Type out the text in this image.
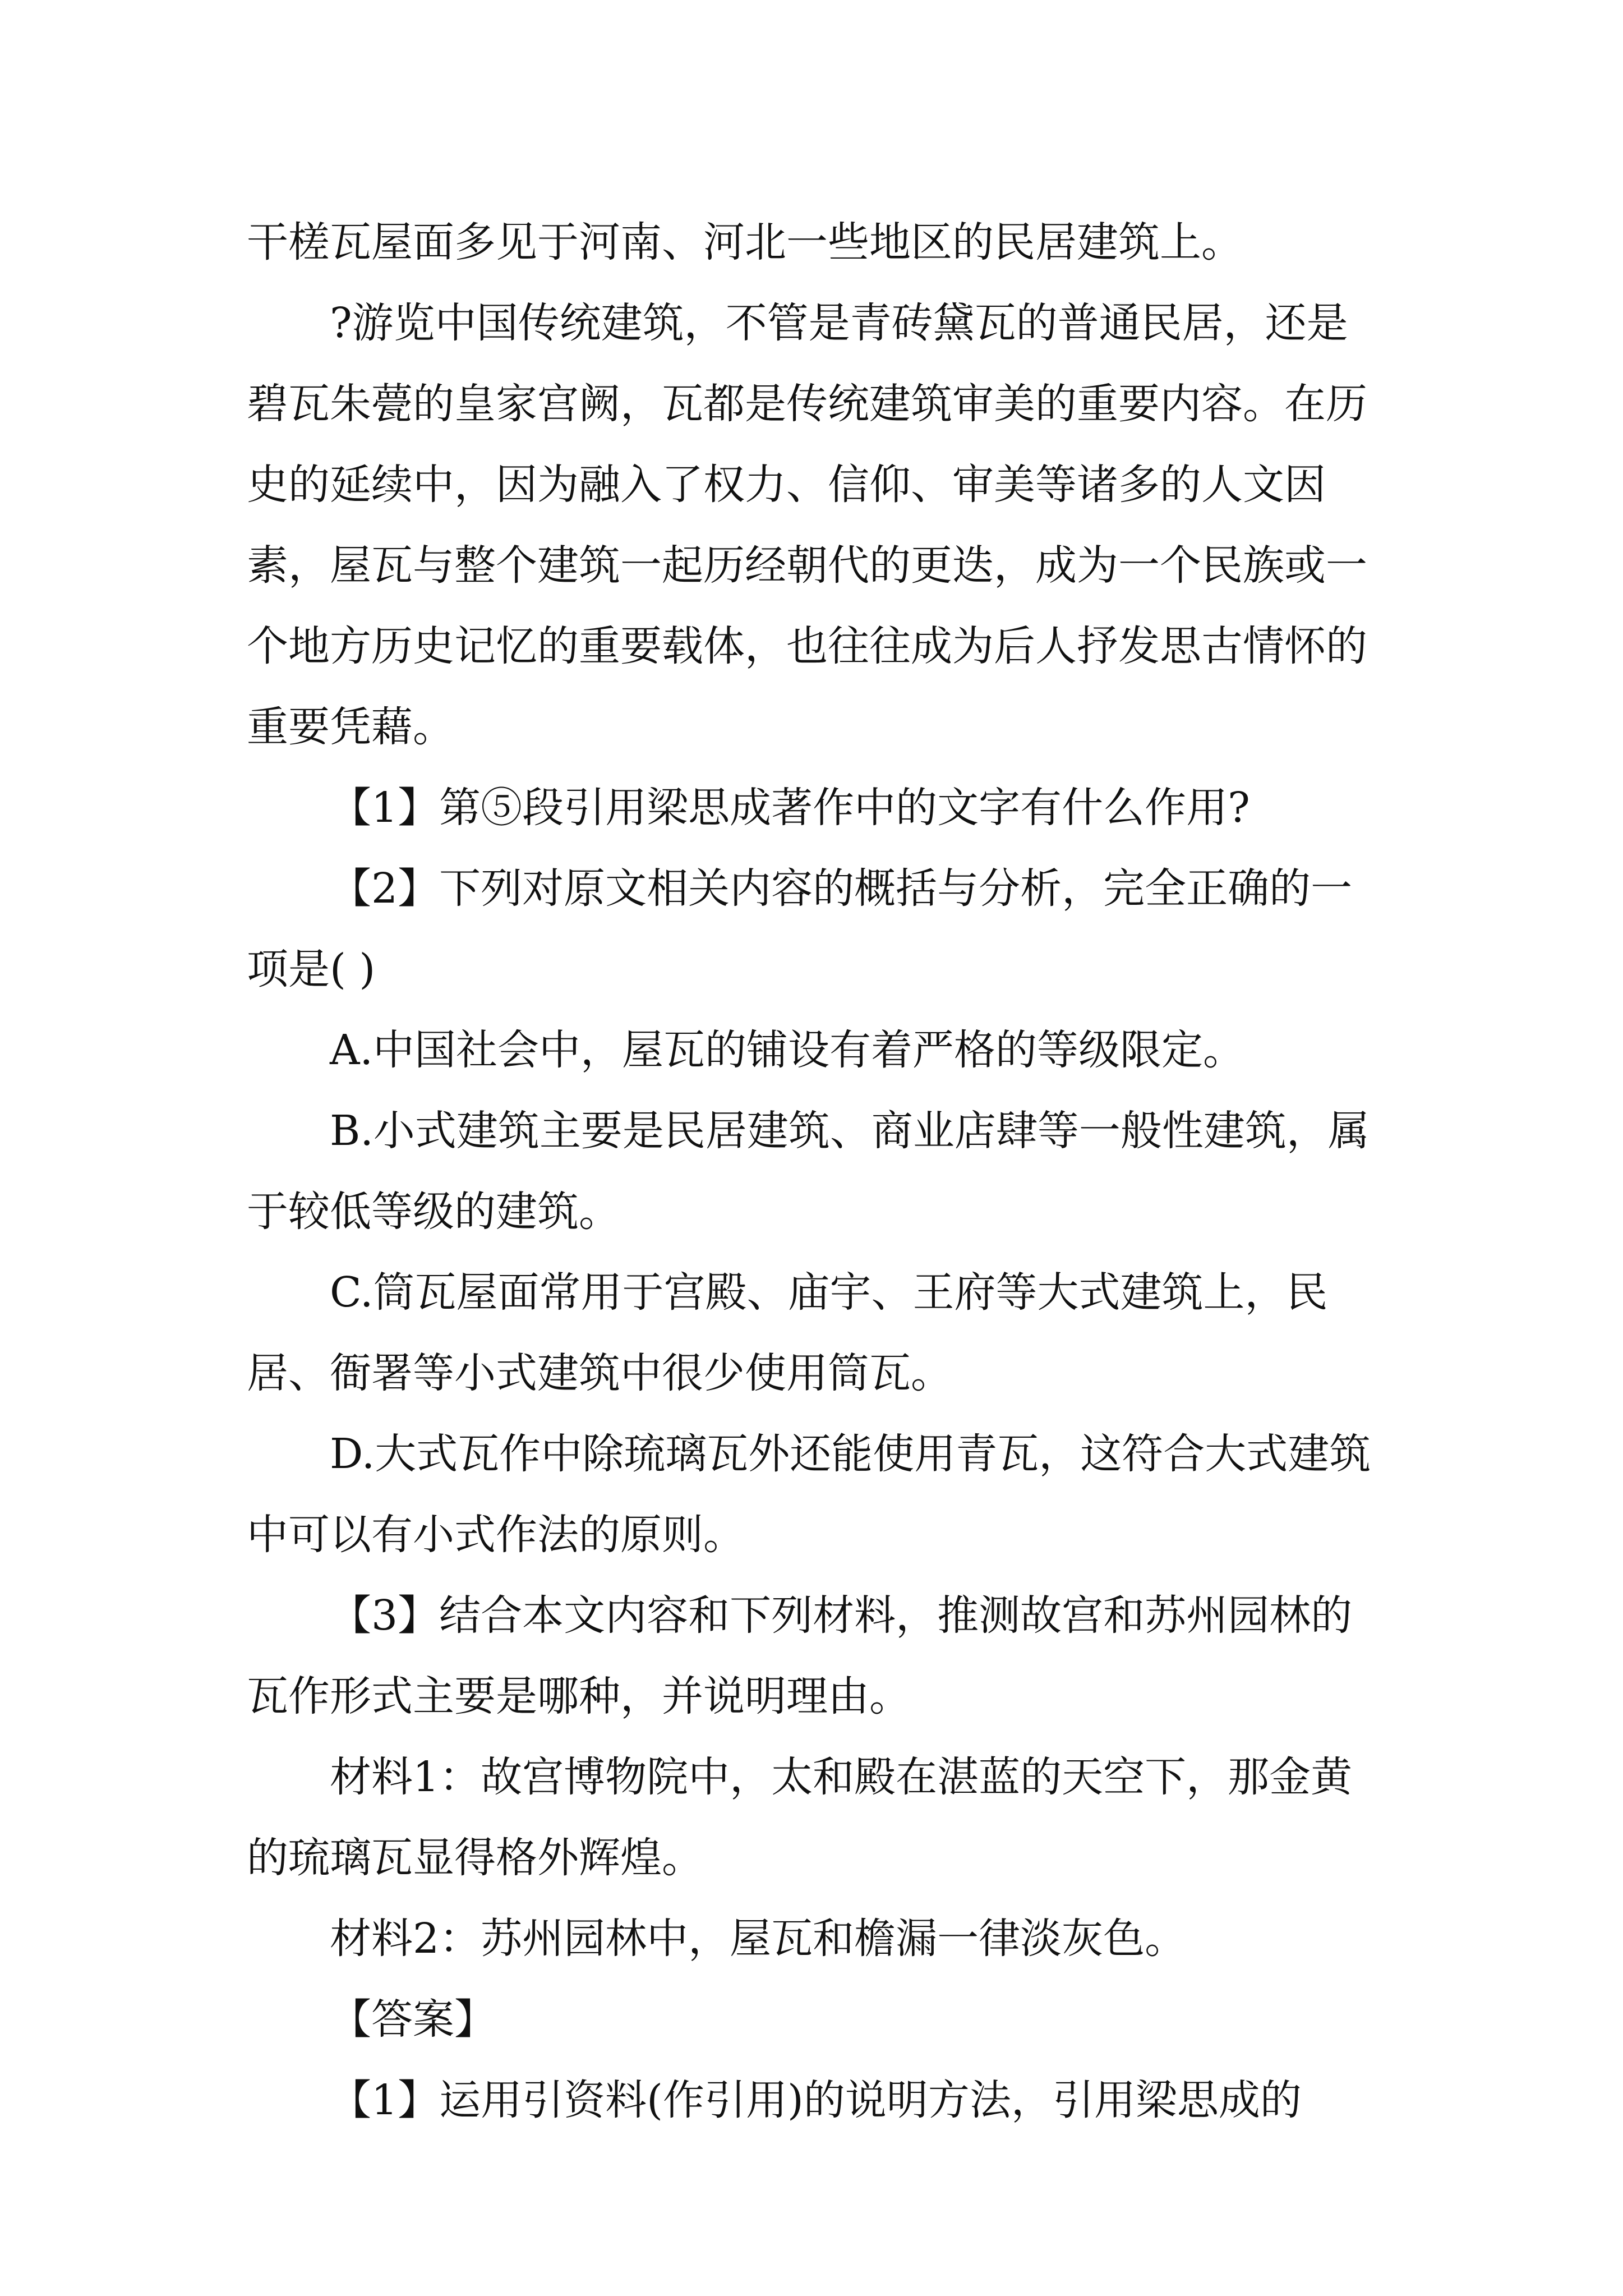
干槎瓦屋面多见于河南、河北一些地区的民居建筑上。

?游览中国传统建筑，不管是青砖黛瓦的普通民居，还是碧瓦朱甍的皇家宫阙，瓦都是传统建筑审美的重要内容。在历史的延续中，因为融入了权力、信仰、审美等诸多的人文因素，屋瓦与整个建筑一起历经朝代的更迭，成为一个民族或一个地方历史记忆的重要载体，也往往成为后人抒发思古情怀的重要凭藉。

【1】第⑤段引用梁思成著作中的文字有什么作用?

【2】下列对原文相关内容的概括与分析，完全正确的一项是( )

A.中国社会中，屋瓦的铺设有着严格的等级限定。

B.小式建筑主要是民居建筑、商业店肆等一般性建筑，属于较低等级的建筑。

C.筒瓦屋面常用于宫殿、庙宇、王府等大式建筑上，民居、衙署等小式建筑中很少使用筒瓦。

D.大式瓦作中除琉璃瓦外还能使用青瓦，这符合大式建筑中可以有小式作法的原则。

【3】结合本文内容和下列材料，推测故宫和苏州园林的瓦作形式主要是哪种，并说明理由。

材料1：故宫博物院中，太和殿在湛蓝的天空下，那金黄的琉璃瓦显得格外辉煌。

材料2：苏州园林中，屋瓦和檐漏一律淡灰色。

【答案】

【1】运用引资料(作引用)的说明方法，引用梁思成的
